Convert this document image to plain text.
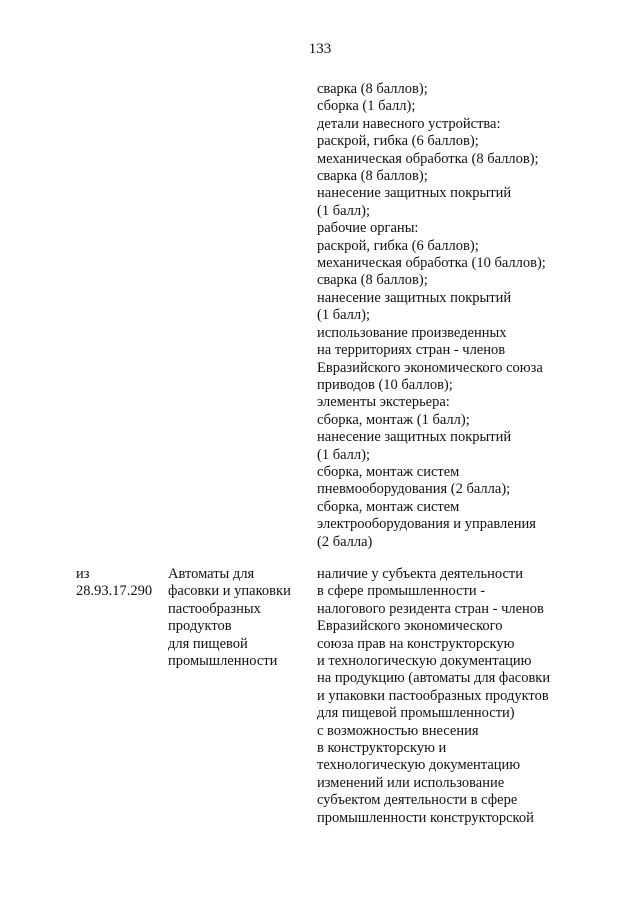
133
сварка (8 баллов);
сборка (1 балл);
детали навесного устройства:
раскрой, гибка (6 баллов);
механическая обработка (8 баллов);
сварка (8 баллов);
нанесение защитных покрытий
(1 балл);
рабочие органы:
раскрой, гибка (6 баллов);
механическая обработка (10 баллов);
сварка (8 баллов);
нанесение защитных покрытий
(1 балл);
использование произведенных
на территориях стран - членов
Евразийского экономического союза
приводов (10 баллов);
элементы экстерьера:
сборка, монтаж (1 балл);
нанесение защитных покрытий
(1 балл);
сборка, монтаж систем
пневмооборудования (2 балла);
сборка, монтаж систем
электрооборудования и управления
(2 балла)
из
28.93.17.290
Автоматы для
фасовки и упаковки
пастообразных
продуктов
для пищевой
промышленности
наличие у субъекта деятельности
в сфере промышленности -
налогового резидента стран - членов
Евразийского экономического
союза прав на конструкторскую
и технологическую документацию
на продукцию (автоматы для фасовки
и упаковки пастообразных продуктов
для пищевой промышленности)
с возможностью внесения
в конструкторскую и
технологическую документацию
изменений или использование
субъектом деятельности в сфере
промышленности конструкторской
